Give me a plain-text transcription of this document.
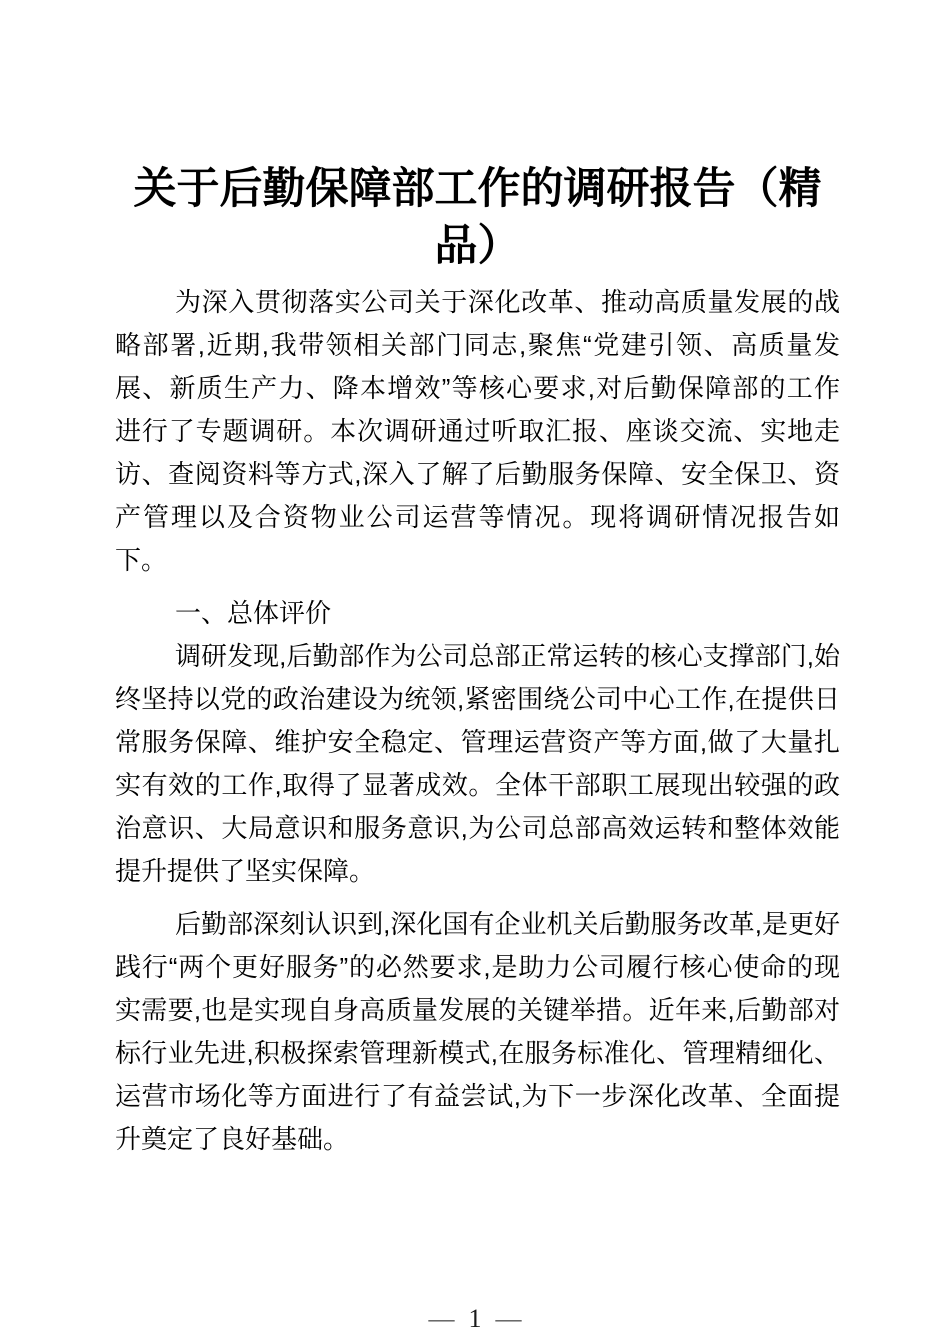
关于后勤保障部工作的调研报告（精
品）
为深入贯彻落实公司关于深化改革、推动高质量发展的战
略部署,近期,我带领相关部门同志,聚焦“党建引领、高质量发
展、新质生产力、降本增效”等核心要求,对后勤保障部的工作
进行了专题调研。本次调研通过听取汇报、座谈交流、实地走
访、查阅资料等方式,深入了解了后勤服务保障、安全保卫、资
产管理以及合资物业公司运营等情况。现将调研情况报告如
下。
一、总体评价
调研发现,后勤部作为公司总部正常运转的核心支撑部门,始
终坚持以党的政治建设为统领,紧密围绕公司中心工作,在提供日
常服务保障、维护安全稳定、管理运营资产等方面,做了大量扎
实有效的工作,取得了显著成效。全体干部职工展现出较强的政
治意识、大局意识和服务意识,为公司总部高效运转和整体效能
提升提供了坚实保障。
后勤部深刻认识到,深化国有企业机关后勤服务改革,是更好
践行“两个更好服务”的必然要求,是助力公司履行核心使命的现
实需要,也是实现自身高质量发展的关键举措。近年来,后勤部对
标行业先进,积极探索管理新模式,在服务标准化、管理精细化、
运营市场化等方面进行了有益尝试,为下一步深化改革、全面提
升奠定了良好基础。
— 1 —
